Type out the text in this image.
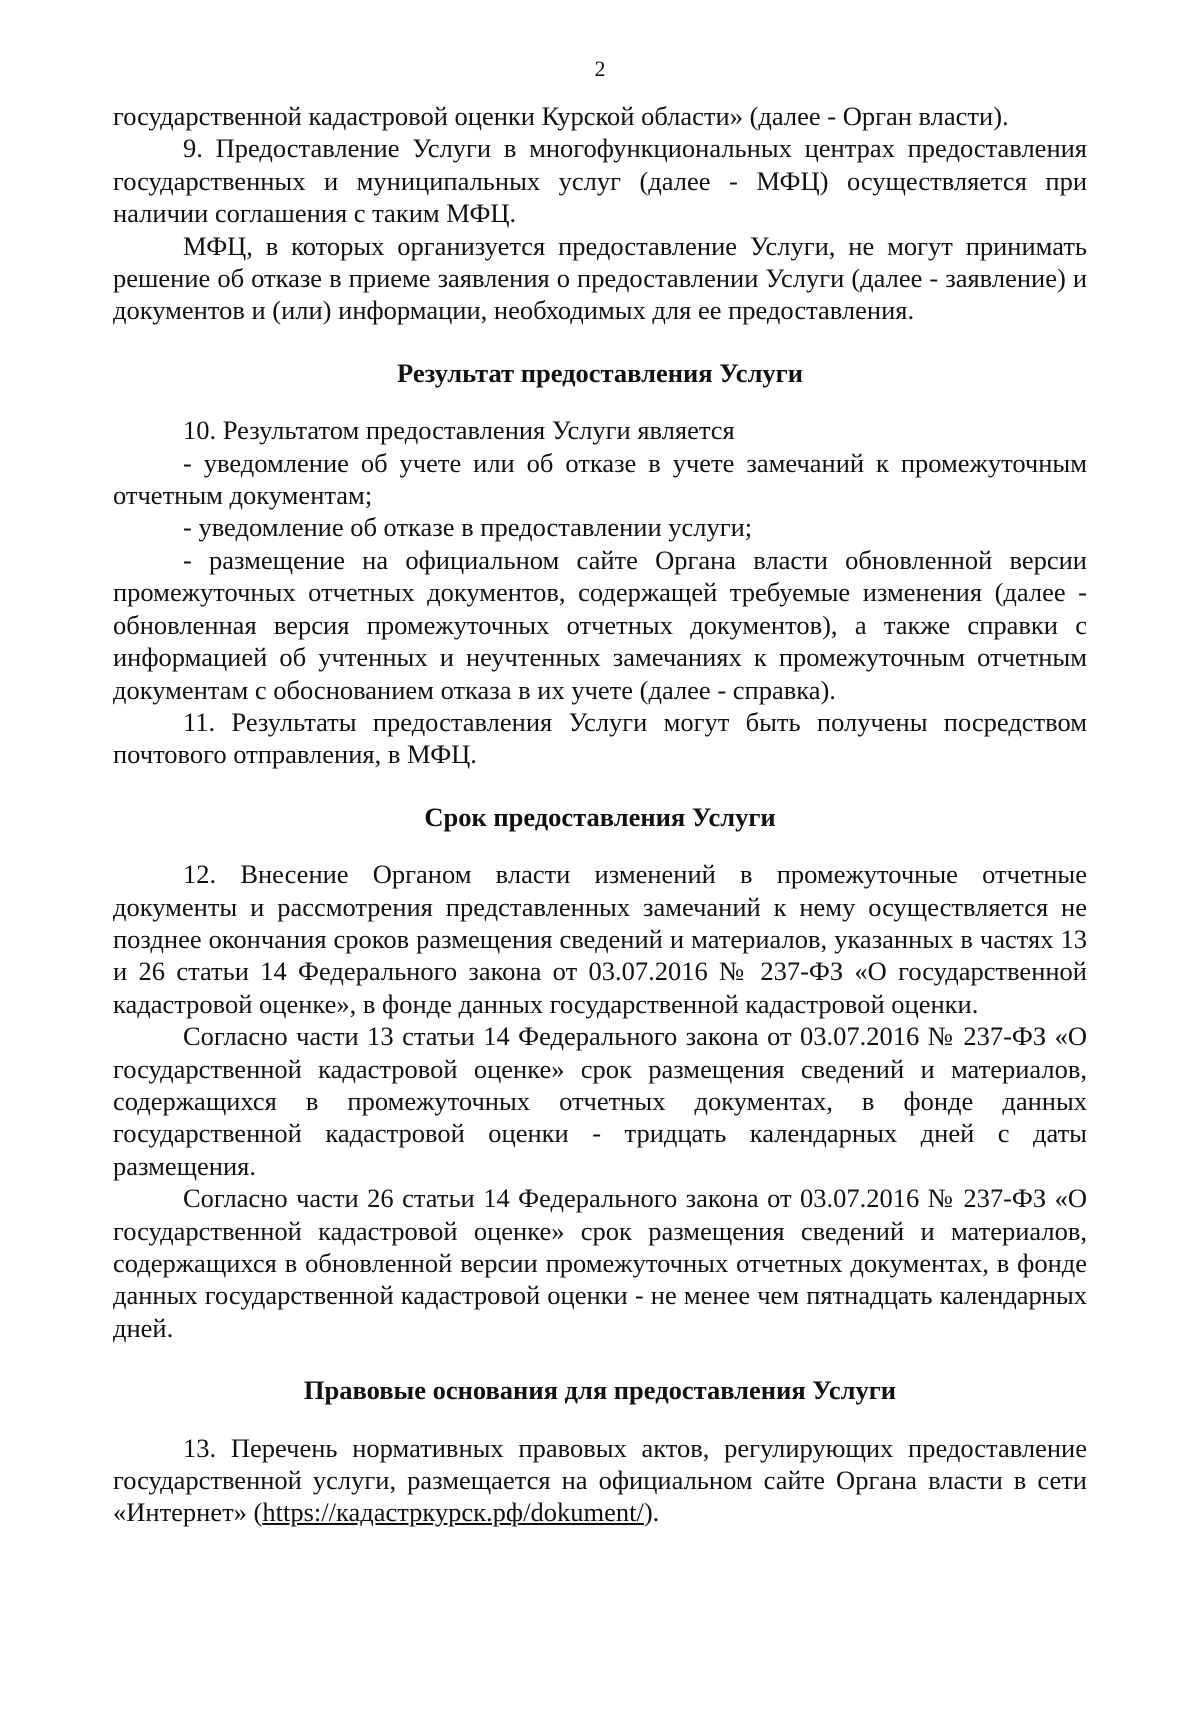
2

государственной кадастровой оценки Курской области» (далее - Орган власти).

9. Предоставление Услуги в многофункциональных центрах предоставления государственных и муниципальных услуг (далее - МФЦ) осуществляется при наличии соглашения с таким МФЦ.

МФЦ, в которых организуется предоставление Услуги, не могут принимать решение об отказе в приеме заявления о предоставлении Услуги (далее - заявление) и документов и (или) информации, необходимых для ее предоставления.

Результат предоставления Услуги

10. Результатом предоставления Услуги является

- уведомление об учете или об отказе в учете замечаний к промежуточным отчетным документам;

- уведомление об отказе в предоставлении услуги;

- размещение на официальном сайте Органа власти обновленной версии промежуточных отчетных документов, содержащей требуемые изменения (далее - обновленная версия промежуточных отчетных документов), а также справки с информацией об учтенных и неучтенных замечаниях к промежуточным отчетным документам с обоснованием отказа в их учете (далее - справка).

11. Результаты предоставления Услуги могут быть получены посредством почтового отправления, в МФЦ.

Срок предоставления Услуги

12. Внесение Органом власти изменений в промежуточные отчетные документы и рассмотрения представленных замечаний к нему осуществляется не позднее окончания сроков размещения сведений и материалов, указанных в частях 13 и 26 статьи 14 Федерального закона от 03.07.2016 № 237-ФЗ «О государственной кадастровой оценке», в фонде данных государственной кадастровой оценки.

Согласно части 13 статьи 14 Федерального закона от 03.07.2016 № 237-ФЗ «О государственной кадастровой оценке» срок размещения сведений и материалов, содержащихся в промежуточных отчетных документах, в фонде данных государственной кадастровой оценки - тридцать календарных дней с даты размещения.

Согласно части 26 статьи 14 Федерального закона от 03.07.2016 № 237-ФЗ «О государственной кадастровой оценке» срок размещения сведений и материалов, содержащихся в обновленной версии промежуточных отчетных документах, в фонде данных государственной кадастровой оценки - не менее чем пятнадцать календарных дней.

Правовые основания для предоставления Услуги

13. Перечень нормативных правовых актов, регулирующих предоставление государственной услуги, размещается на официальном сайте Органа власти в сети «Интернет» (https://кадастркурск.рф/dokument/).
